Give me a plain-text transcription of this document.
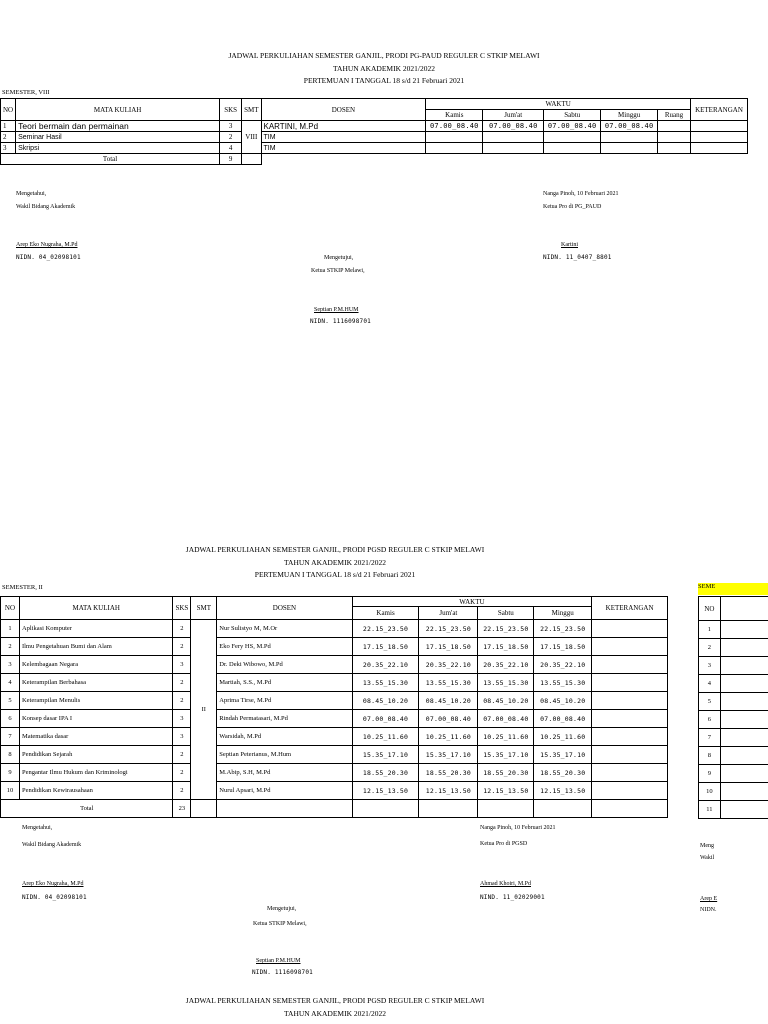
JADWAL PERKULIAHAN SEMESTER GANJIL, PRODI PG-PAUD REGULER C STKIP MELAWI
TAHUN AKADEMIK 2021/2022
PERTEMUAN I TANGGAL 18 s/d 21 Februari 2021
SEMESTER, VIII
NO	MATA KULIAH	SKS	SMT	DOSEN	WAKTU					KETERANGAN
					Kamis	Jum'at	Sabtu	Minggu	Ruang	
1	Teori bermain dan permainan	3	VIII	KARTINI, M.Pd	07.00_08.40	07.00_08.40	07.00_08.40	07.00_08.40		
2	Seminar Hasil	2		TIM						
3	Skripsi	4		TIM						
Total		9								
Mengetahui,
Wakil Bidang Akademik
Arep Eko Nugraha, M.Pd
NIDN. 04_02098101
Nanga Pinoh, 10 Februari 2021
Ketua Pro di PG_PAUD
Kartini
NIDN. 11_0407_8801
Mengetujui,
Ketua STKIP Melawi,
Septian P.M.HUM
NIDN. 1116098701
JADWAL PERKULIAHAN SEMESTER GANJIL, PRODI PGSD REGULER C STKIP MELAWI
TAHUN AKADEMIK 2021/2022
PERTEMUAN I TANGGAL 18 s/d 21 Februari 2021
SEMESTER, II
NO	MATA KULIAH	SKS	SMT	DOSEN	WAKTU				KETERANGAN
					Kamis	Jum'at	Sabtu	Minggu	
1	Aplikasi Komputer	2	II	Nur Sulistyo M, M.Or	22.15_23.50	22.15_23.50	22.15_23.50	22.15_23.50	
2	Ilmu Pengetahuan Bumi dan Alam	2		Eko Fery HS, M.Pd	17.15_18.50	17.15_18.50	17.15_18.50	17.15_18.50	
3	Kelembagaan Negara	3		Dr. Deki Wibowo, M.Pd	20.35_22.10	20.35_22.10	20.35_22.10	20.35_22.10	
4	Keterampilan Berbahasa	2		Martiah, S.S., M.Pd	13.55_15.30	13.55_15.30	13.55_15.30	13.55_15.30	
5	Keterampilan Menulis	2		Aprima Tirse, M.Pd	08.45_10.20	08.45_10.20	08.45_10.20	08.45_10.20	
6	Konsep dasar IPA I	3		Rindah Permatasari, M.Pd	07.00_08.40	07.00_08.40	07.00_08.40	07.00_08.40	
7	Matematika dasar	3		Warsidah, M.Pd	10.25_11.60	10.25_11.60	10.25_11.60	10.25_11.60	
8	Pendidikan Sejarah	2		Septian Peterianus, M.Hum	15.35_17.10	15.35_17.10	15.35_17.10	15.35_17.10	
9	Pengantar Ilmu Hukum dan Kriminologi	2		M.Abip, S.H, M.Pd	18.55_20.30	18.55_20.30	18.55_20.30	18.55_20.30	
10	Pendidikan Kewirausahaan	2		Nurul Apsari, M.Pd	12.15_13.50	12.15_13.50	12.15_13.50	12.15_13.50	
Total		23							
Mengetahui,
Wakil Bidang Akademik
Arep Eko Nugraha, M.Pd
NIDN. 04_02098101
Nanga Pinoh, 10 Februari 2021
Ketua Pro di PGSD
Ahmad Khoiri, M.Pd
NIND. 11_02029001
Mengetujui,
Ketua STKIP Melawi,
Septian P.M.HUM
NIDN. 1116098701
SEME
NO	
1	
2	
3	
4	
5	
6	
7	
8	
9	
10	
11	
Meng
Wakil
Arep E
NIDN.
JADWAL PERKULIAHAN SEMESTER GANJIL, PRODI PGSD REGULER C STKIP MELAWI
TAHUN AKADEMIK 2021/2022
